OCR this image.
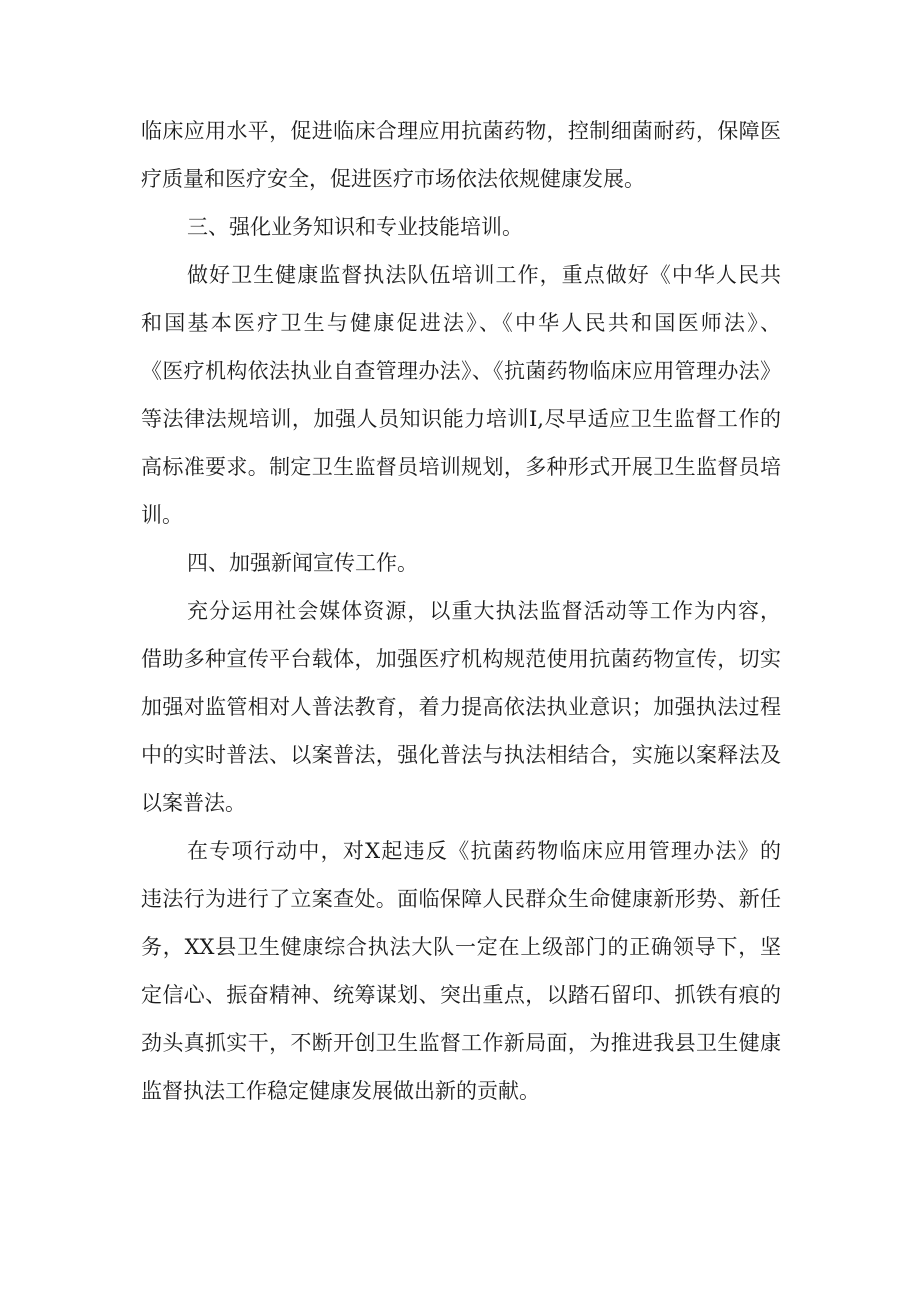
临床应用水平，促进临床合理应用抗菌药物，控制细菌耐药，保障医
疗质量和医疗安全，促进医疗市场依法依规健康发展。
三、强化业务知识和专业技能培训。
做好卫生健康监督执法队伍培训工作，重点做好《中华人民共
和国基本医疗卫生与健康促进法》、《中华人民共和国医师法》、
《医疗机构依法执业自查管理办法》、《抗菌药物临床应用管理办法》
等法律法规培训，加强人员知识能力培训I,尽早适应卫生监督工作的
高标准要求。制定卫生监督员培训规划，多种形式开展卫生监督员培
训。
四、加强新闻宣传工作。
充分运用社会媒体资源，以重大执法监督活动等工作为内容，
借助多种宣传平台载体，加强医疗机构规范使用抗菌药物宣传，切实
加强对监管相对人普法教育，着力提高依法执业意识；加强执法过程
中的实时普法、以案普法，强化普法与执法相结合，实施以案释法及
以案普法。
在专项行动中，对X起违反《抗菌药物临床应用管理办法》的
违法行为进行了立案查处。面临保障人民群众生命健康新形势、新任
务，XX县卫生健康综合执法大队一定在上级部门的正确领导下，坚
定信心、振奋精神、统筹谋划、突出重点，以踏石留印、抓铁有痕的
劲头真抓实干，不断开创卫生监督工作新局面，为推进我县卫生健康
监督执法工作稳定健康发展做出新的贡献。
